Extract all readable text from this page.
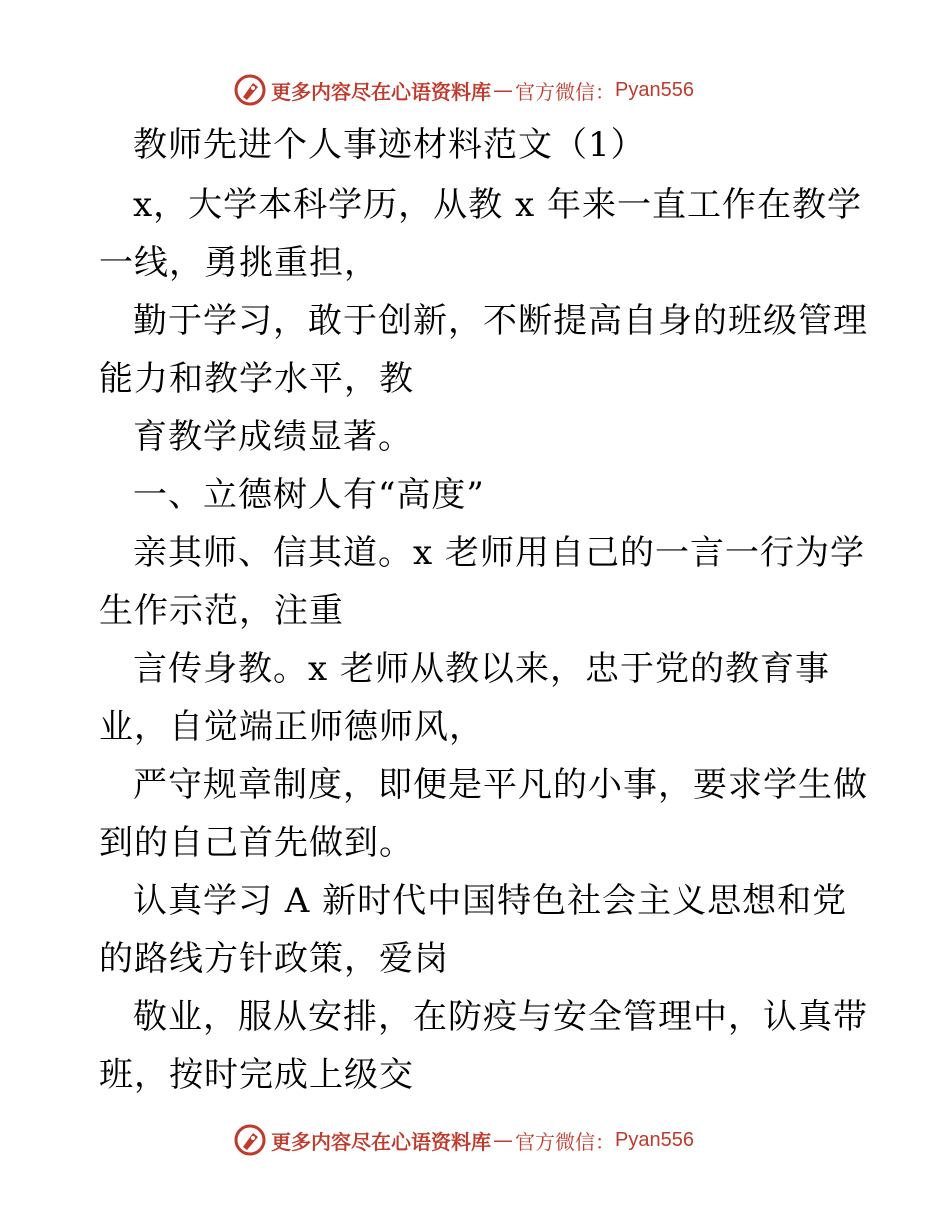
更多内容尽在心语资料库 — 官方微信： Pyan556
教师先进个人事迹材料范文（1）
x，大学本科学历，从教 x 年来一直工作在教学
一线，勇挑重担，
勤于学习，敢于创新，不断提高自身的班级管理
能力和教学水平，教
育教学成绩显著。
一、立德树人有“高度”
亲其师、信其道。x 老师用自己的一言一行为学
生作示范，注重
言传身教。x 老师从教以来，忠于党的教育事
业，自觉端正师德师风，
严守规章制度，即便是平凡的小事，要求学生做
到的自己首先做到。
认真学习 A 新时代中国特色社会主义思想和党
的路线方针政策，爱岗
敬业，服从安排，在防疫与安全管理中，认真带
班，按时完成上级交
更多内容尽在心语资料库 — 官方微信： Pyan556
